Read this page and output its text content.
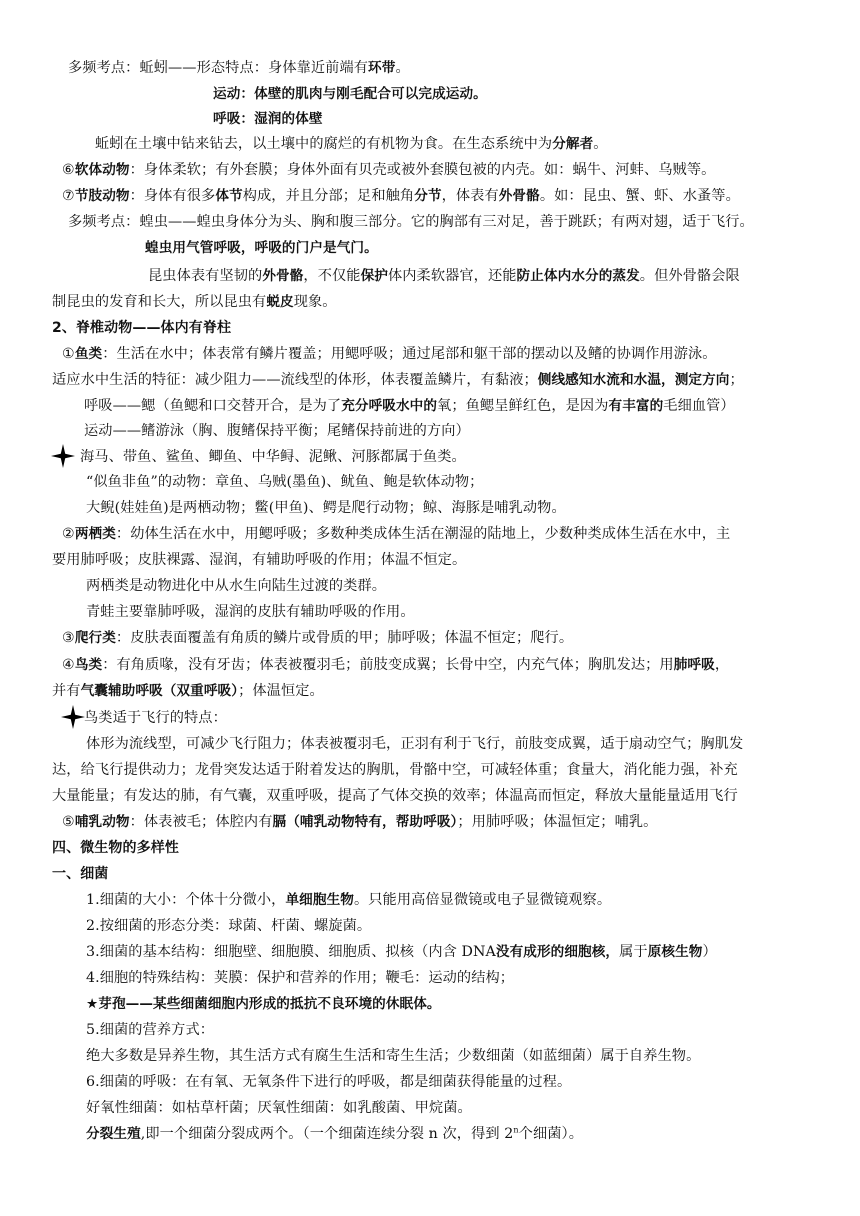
多频考点：蚯蚓——形态特点：身体靠近前端有环带。
运动：体壁的肌肉与刚毛配合可以完成运动。
呼吸：湿润的体壁
蚯蚓在土壤中钻来钻去，以土壤中的腐烂的有机物为食。在生态系统中为分解者。
⑥软体动物：身体柔软；有外套膜；身体外面有贝壳或被外套膜包被的内壳。如：蜗牛、河蚌、乌贼等。
⑦节肢动物：身体有很多体节构成，并且分部；足和触角分节，体表有外骨骼。如：昆虫、蟹、虾、水蚤等。
多频考点：蝗虫——蝗虫身体分为头、胸和腹三部分。它的胸部有三对足，善于跳跃；有两对翅，适于飞行。
蝗虫用气管呼吸，呼吸的门户是气门。
昆虫体表有坚韧的外骨骼，不仅能保护体内柔软器官，还能防止体内水分的蒸发。但外骨骼会限
制昆虫的发育和长大，所以昆虫有蜕皮现象。
2、脊椎动物——体内有脊柱
①鱼类：生活在水中；体表常有鳞片覆盖；用鳃呼吸；通过尾部和躯干部的摆动以及鳍的协调作用游泳。
适应水中生活的特征：减少阻力——流线型的体形，体表覆盖鳞片，有黏液；侧线感知水流和水温，测定方向；
呼吸——鳃（鱼鳃和口交替开合，是为了充分呼吸水中的氧；鱼鳃呈鲜红色，是因为有丰富的毛细血管）
运动——鳍游泳（胸、腹鳍保持平衡；尾鳍保持前进的方向）
海马、带鱼、鲨鱼、鲫鱼、中华鲟、泥鳅、河豚都属于鱼类。
“似鱼非鱼”的动物：章鱼、乌贼(墨鱼)、鱿鱼、鲍是软体动物；
大鲵(娃娃鱼)是两栖动物；鳖(甲鱼)、鳄是爬行动物；鲸、海豚是哺乳动物。
②两栖类：幼体生活在水中，用鳃呼吸；多数种类成体生活在潮湿的陆地上，少数种类成体生活在水中，主
要用肺呼吸；皮肤裸露、湿润，有辅助呼吸的作用；体温不恒定。
两栖类是动物进化中从水生向陆生过渡的类群。
青蛙主要靠肺呼吸，湿润的皮肤有辅助呼吸的作用。
③爬行类：皮肤表面覆盖有角质的鳞片或骨质的甲；肺呼吸；体温不恒定；爬行。
④鸟类：有角质喙，没有牙齿；体表被覆羽毛；前肢变成翼；长骨中空，内充气体；胸肌发达；用肺呼吸，
并有气囊辅助呼吸（双重呼吸）；体温恒定。
鸟类适于飞行的特点：
体形为流线型，可减少飞行阻力；体表被覆羽毛，正羽有利于飞行，前肢变成翼，适于扇动空气；胸肌发
达，给飞行提供动力；龙骨突发达适于附着发达的胸肌，骨骼中空，可减轻体重；食量大，消化能力强，补充
大量能量；有发达的肺，有气囊，双重呼吸，提高了气体交换的效率；体温高而恒定，释放大量能量适用飞行
⑤哺乳动物：体表被毛；体腔内有膈（哺乳动物特有，帮助呼吸）；用肺呼吸；体温恒定；哺乳。
四、微生物的多样性
一、细菌
1.细菌的大小：个体十分微小，单细胞生物。只能用高倍显微镜或电子显微镜观察。
2.按细菌的形态分类：球菌、杆菌、螺旋菌。
3.细菌的基本结构：细胞壁、细胞膜、细胞质、拟核（内含 DNA没有成形的细胞核，属于原核生物）
4.细胞的特殊结构：荚膜：保护和营养的作用；鞭毛：运动的结构；
★芽孢——某些细菌细胞内形成的抵抗不良环境的休眠体。
5.细菌的营养方式：
绝大多数是异养生物，其生活方式有腐生生活和寄生生活；少数细菌（如蓝细菌）属于自养生物。
6.细菌的呼吸：在有氧、无氧条件下进行的呼吸，都是细菌获得能量的过程。
好氧性细菌：如枯草杆菌；厌氧性细菌：如乳酸菌、甲烷菌。
分裂生殖,即一个细菌分裂成两个。（一个细菌连续分裂 n 次，得到 2$^n$个细菌）。
